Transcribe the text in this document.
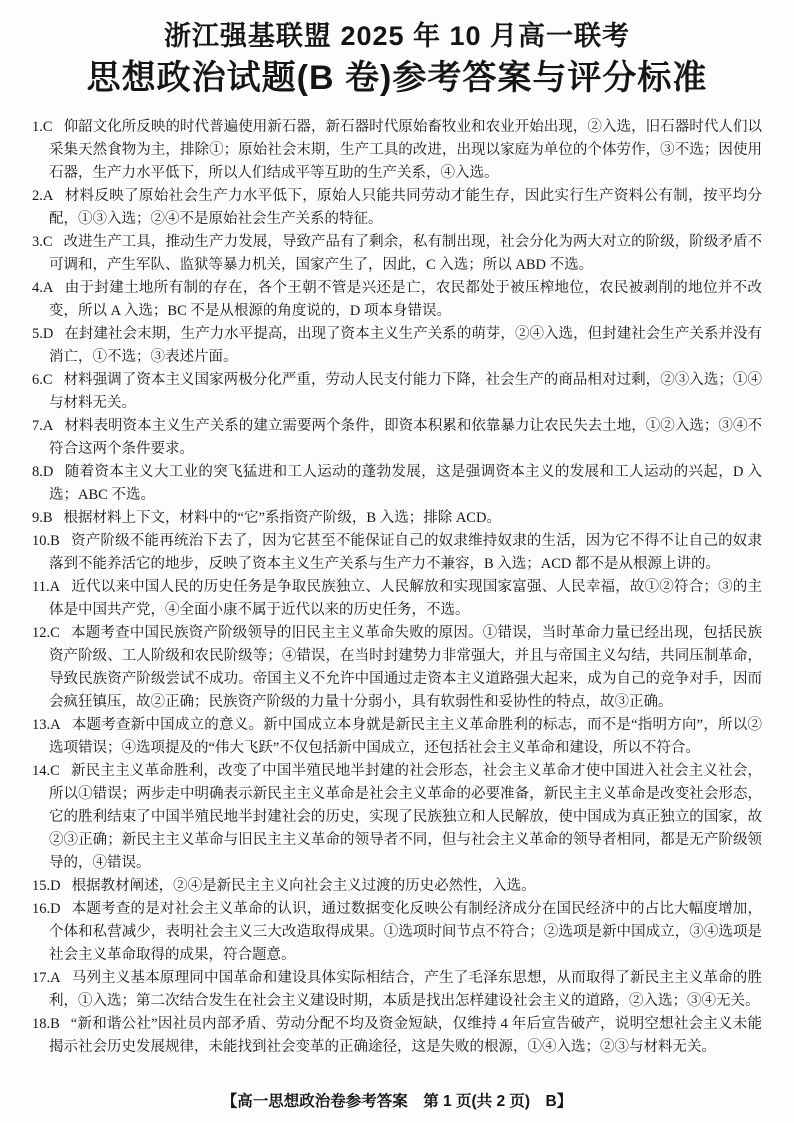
浙江强基联盟 2025 年 10 月高一联考
思想政治试题(B 卷)参考答案与评分标准

1.C 仰韶文化所反映的时代普遍使用新石器，新石器时代原始畜牧业和农业开始出现，②入选，旧石器时代人们以采集天然食物为主，排除①；原始社会末期，生产工具的改进，出现以家庭为单位的个体劳作，③不选；因使用石器，生产力水平低下，所以人们结成平等互助的生产关系，④入选。

2.A 材料反映了原始社会生产力水平低下，原始人只能共同劳动才能生存，因此实行生产资料公有制，按平均分配，①③入选；②④不是原始社会生产关系的特征。

3.C 改进生产工具，推动生产力发展，导致产品有了剩余，私有制出现，社会分化为两大对立的阶级，阶级矛盾不可调和，产生军队、监狱等暴力机关，国家产生了，因此，C 入选；所以 ABD 不选。

4.A 由于封建土地所有制的存在，各个王朝不管是兴还是亡，农民都处于被压榨地位，农民被剥削的地位并不改变，所以 A 入选；BC 不是从根源的角度说的，D 项本身错误。

5.D 在封建社会末期，生产力水平提高，出现了资本主义生产关系的萌芽，②④入选，但封建社会生产关系并没有消亡，①不选；③表述片面。

6.C 材料强调了资本主义国家两极分化严重，劳动人民支付能力下降，社会生产的商品相对过剩，②③入选；①④与材料无关。

7.A 材料表明资本主义生产关系的建立需要两个条件，即资本积累和依靠暴力让农民失去土地，①②入选；③④不符合这两个条件要求。

8.D 随着资本主义大工业的突飞猛进和工人运动的蓬勃发展，这是强调资本主义的发展和工人运动的兴起，D 入选；ABC 不选。

9.B 根据材料上下文，材料中的“它”系指资产阶级，B 入选；排除 ACD。

10.B 资产阶级不能再统治下去了，因为它甚至不能保证自己的奴隶维持奴隶的生活，因为它不得不让自己的奴隶落到不能养活它的地步，反映了资本主义生产关系与生产力不兼容，B 入选；ACD 都不是从根源上讲的。

11.A 近代以来中国人民的历史任务是争取民族独立、人民解放和实现国家富强、人民幸福，故①②符合；③的主体是中国共产党，④全面小康不属于近代以来的历史任务，不选。

12.C 本题考查中国民族资产阶级领导的旧民主主义革命失败的原因。①错误，当时革命力量已经出现，包括民族资产阶级、工人阶级和农民阶级等；④错误，在当时封建势力非常强大，并且与帝国主义勾结，共同压制革命，导致民族资产阶级尝试不成功。帝国主义不允许中国通过走资本主义道路强大起来，成为自己的竞争对手，因而会疯狂镇压，故②正确；民族资产阶级的力量十分弱小，具有软弱性和妥协性的特点，故③正确。

13.A 本题考查新中国成立的意义。新中国成立本身就是新民主主义革命胜利的标志，而不是“指明方向”，所以②选项错误；④选项提及的“伟大飞跃”不仅包括新中国成立，还包括社会主义革命和建设，所以不符合。

14.C 新民主主义革命胜利，改变了中国半殖民地半封建的社会形态，社会主义革命才使中国进入社会主义社会，所以①错误；两步走中明确表示新民主主义革命是社会主义革命的必要准备，新民主主义革命是改变社会形态，它的胜利结束了中国半殖民地半封建社会的历史，实现了民族独立和人民解放，使中国成为真正独立的国家，故②③正确；新民主主义革命与旧民主主义革命的领导者不同，但与社会主义革命的领导者相同，都是无产阶级领导的，④错误。

15.D 根据教材阐述，②④是新民主主义向社会主义过渡的历史必然性，入选。

16.D 本题考查的是对社会主义革命的认识，通过数据变化反映公有制经济成分在国民经济中的占比大幅度增加，个体和私营减少，表明社会主义三大改造取得成果。①选项时间节点不符合；②选项是新中国成立，③④选项是社会主义革命取得的成果，符合题意。

17.A 马列主义基本原理同中国革命和建设具体实际相结合，产生了毛泽东思想，从而取得了新民主主义革命的胜利，①入选；第二次结合发生在社会主义建设时期，本质是找出怎样建设社会主义的道路，②入选；③④无关。

18.B “新和谐公社”因社员内部矛盾、劳动分配不均及资金短缺，仅维持 4 年后宣告破产，说明空想社会主义未能揭示社会历史发展规律，未能找到社会变革的正确途径，这是失败的根源，①④入选；②③与材料无关。

【高一思想政治卷参考答案　第 1 页(共 2 页)　B】
